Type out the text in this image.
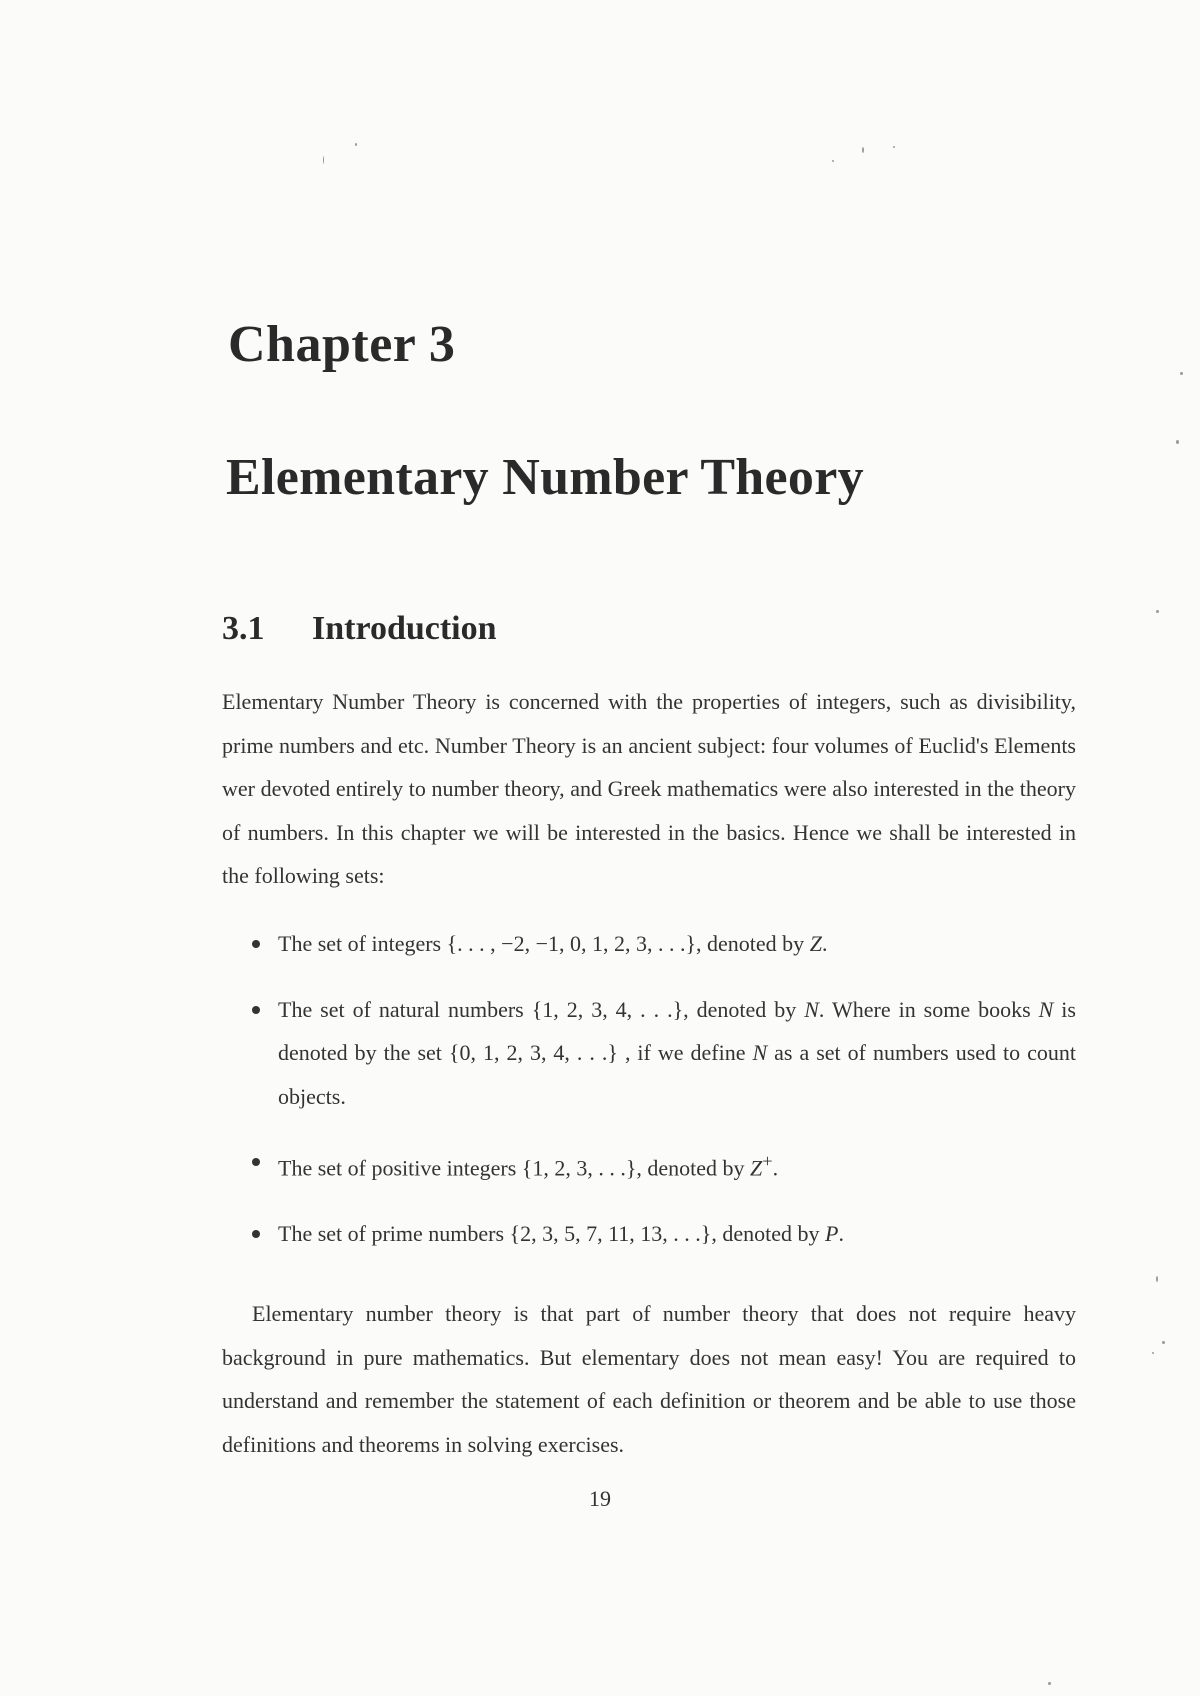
Chapter 3
Elementary Number Theory
3.1 Introduction
Elementary Number Theory is concerned with the properties of integers, such as divisibility, prime numbers and etc. Number Theory is an ancient subject: four volumes of Euclid's Elements wer devoted entirely to number theory, and Greek mathematics were also interested in the theory of numbers. In this chapter we will be interested in the basics. Hence we shall be interested in the following sets:
The set of integers {. . . , −2, −1, 0, 1, 2, 3, . . .}, denoted by Z.
The set of natural numbers {1, 2, 3, 4, . . .}, denoted by N. Where in some books N is denoted by the set {0, 1, 2, 3, 4, . . .} , if we define N as a set of numbers used to count objects.
The set of positive integers {1, 2, 3, . . .}, denoted by Z+.
The set of prime numbers {2, 3, 5, 7, 11, 13, . . .}, denoted by P.
Elementary number theory is that part of number theory that does not require heavy background in pure mathematics. But elementary does not mean easy! You are required to understand and remember the statement of each definition or theorem and be able to use those definitions and theorems in solving exercises.
19
